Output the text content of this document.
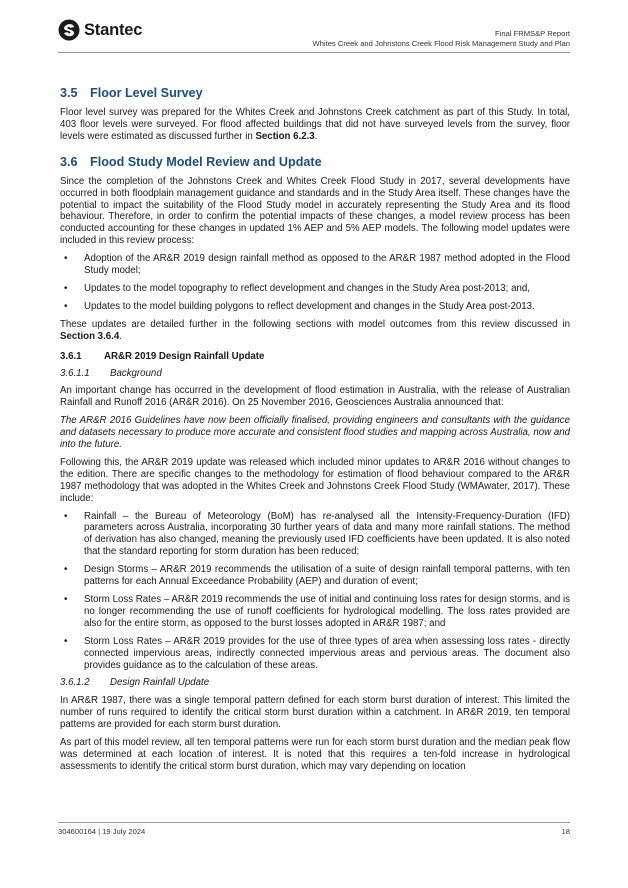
Stantec	Final FRMS&P Report
Whites Creek and Johnstons Creek Flood Risk Management Study and Plan
3.5 Floor Level Survey

Floor level survey was prepared for the Whites Creek and Johnstons Creek catchment as part of this Study. In total, 403 floor levels were surveyed. For flood affected buildings that did not have surveyed levels from the survey, floor levels were estimated as discussed further in Section 6.2.3.

3.6 Flood Study Model Review and Update

Since the completion of the Johnstons Creek and Whites Creek Flood Study in 2017, several developments have occurred in both floodplain management guidance and standards and in the Study Area itself. These changes have the potential to impact the suitability of the Flood Study model in accurately representing the Study Area and its flood behaviour. Therefore, in order to confirm the potential impacts of these changes, a model review process has been conducted accounting for these changes in updated 1% AEP and 5% AEP models. The following model updates were included in this review process:

• Adoption of the AR&R 2019 design rainfall method as opposed to the AR&R 1987 method adopted in the Flood Study model;
• Updates to the model topography to reflect development and changes in the Study Area post-2013; and,
• Updates to the model building polygons to reflect development and changes in the Study Area post-2013.

These updates are detailed further in the following sections with model outcomes from this review discussed in Section 3.6.4.

3.6.1 AR&R 2019 Design Rainfall Update
3.6.1.1 Background

An important change has occurred in the development of flood estimation in Australia, with the release of Australian Rainfall and Runoff 2016 (AR&R 2016). On 25 November 2016, Geosciences Australia announced that:

The AR&R 2016 Guidelines have now been officially finalised, providing engineers and consultants with the guidance and datasets necessary to produce more accurate and consistent flood studies and mapping across Australia, now and into the future.

Following this, the AR&R 2019 update was released which included minor updates to AR&R 2016 without changes to the edition. There are specific changes to the methodology for estimation of flood behaviour compared to the AR&R 1987 methodology that was adopted in the Whites Creek and Johnstons Creek Flood Study (WMAwater, 2017). These include:

• Rainfall – the Bureau of Meteorology (BoM) has re-analysed all the Intensity-Frequency-Duration (IFD) parameters across Australia, incorporating 30 further years of data and many more rainfall stations. The method of derivation has also changed, meaning the previously used IFD coefficients have been updated. It is also noted that the standard reporting for storm duration has been reduced;
• Design Storms – AR&R 2019 recommends the utilisation of a suite of design rainfall temporal patterns, with ten patterns for each Annual Exceedance Probability (AEP) and duration of event;
• Storm Loss Rates – AR&R 2019 recommends the use of initial and continuing loss rates for design storms, and is no longer recommending the use of runoff coefficients for hydrological modelling. The loss rates provided are also for the entire storm, as opposed to the burst losses adopted in AR&R 1987; and
• Storm Loss Rates – AR&R 2019 provides for the use of three types of area when assessing loss rates - directly connected impervious areas, indirectly connected impervious areas and pervious areas. The document also provides guidance as to the calculation of these areas.
3.6.1.2 Design Rainfall Update

In AR&R 1987, there was a single temporal pattern defined for each storm burst duration of interest. This limited the number of runs required to identify the critical storm burst duration within a catchment. In AR&R 2019, ten temporal patterns are provided for each storm burst duration.

As part of this model review, all ten temporal patterns were run for each storm burst duration and the median peak flow was determined at each location of interest. It is noted that this requires a ten-fold increase in hydrological assessments to identify the critical storm burst duration, which may vary depending on location

304600164 | 19 July 2024	18
